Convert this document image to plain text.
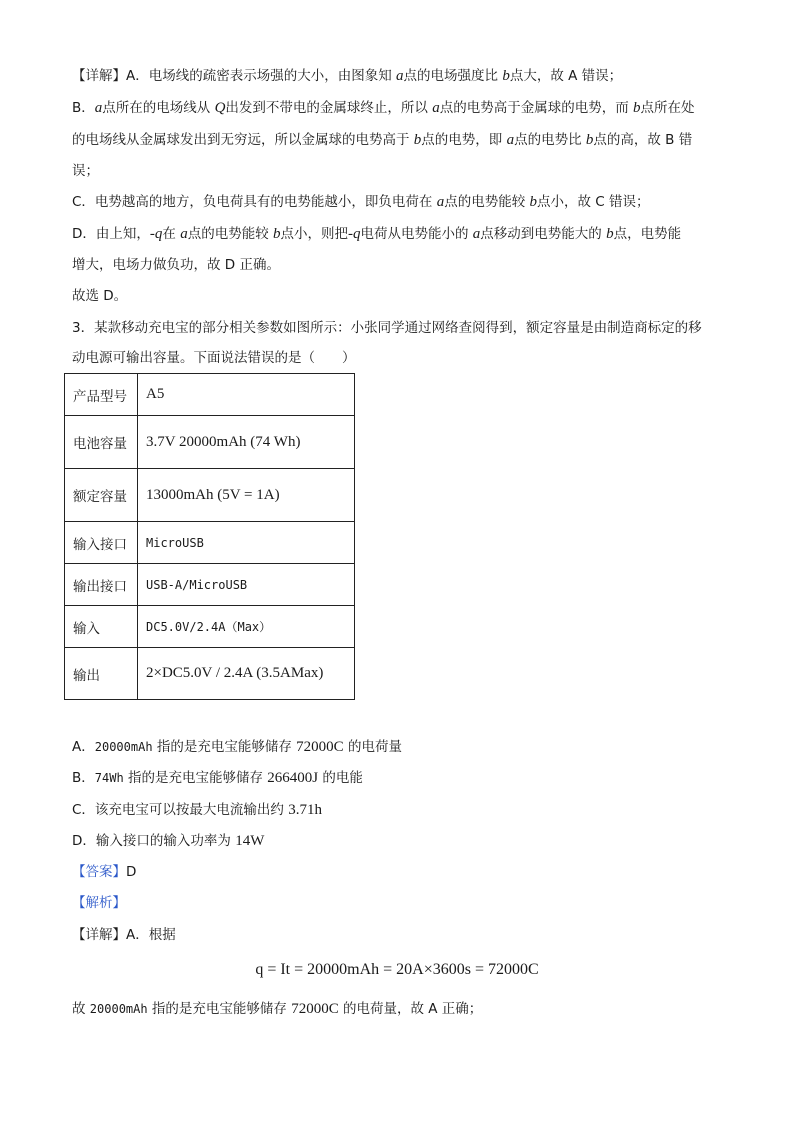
【详解】A．电场线的疏密表示场强的大小，由图象知 a点的电场强度比 b点大，故 A 错误；
B．a点所在的电场线从 Q出发到不带电的金属球终止，所以 a点的电势高于金属球的电势，而 b点所在处
的电场线从金属球发出到无穷远，所以金属球的电势高于 b点的电势，即 a点的电势比 b点的高，故 B 错
误；
C．电势越高的地方，负电荷具有的电势能越小，即负电荷在 a点的电势能较 b点小，故 C 错误；
D．由上知，-q在 a点的电势能较 b点小，则把-q电荷从电势能小的 a点移动到电势能大的 b点，电势能
增大，电场力做负功，故 D 正确。
故选 D。
3．某款移动充电宝的部分相关参数如图所示：小张同学通过网络查阅得到，额定容量是由制造商标定的移
动电源可输出容量。下面说法错误的是（　　）
产品型号	A5
电池容量	3.7V 20000mAh (74 Wh)
额定容量	13000mAh (5V = 1A)
输入接口	MicroUSB
输出接口	USB-A/MicroUSB
输入	DC5.0V/2.4A（Max）
输出	2×DC5.0V / 2.4A (3.5AMax)
A．20000mAh 指的是充电宝能够储存 72000C 的电荷量
B．74Wh 指的是充电宝能够储存 266400J 的电能
C．该充电宝可以按最大电流输出约 3.71h
D．输入接口的输入功率为 14W
【答案】D
【解析】
【详解】A．根据
q = It = 20000mAh = 20A×3600s = 72000C
故 20000mAh 指的是充电宝能够储存 72000C 的电荷量，故 A 正确；
